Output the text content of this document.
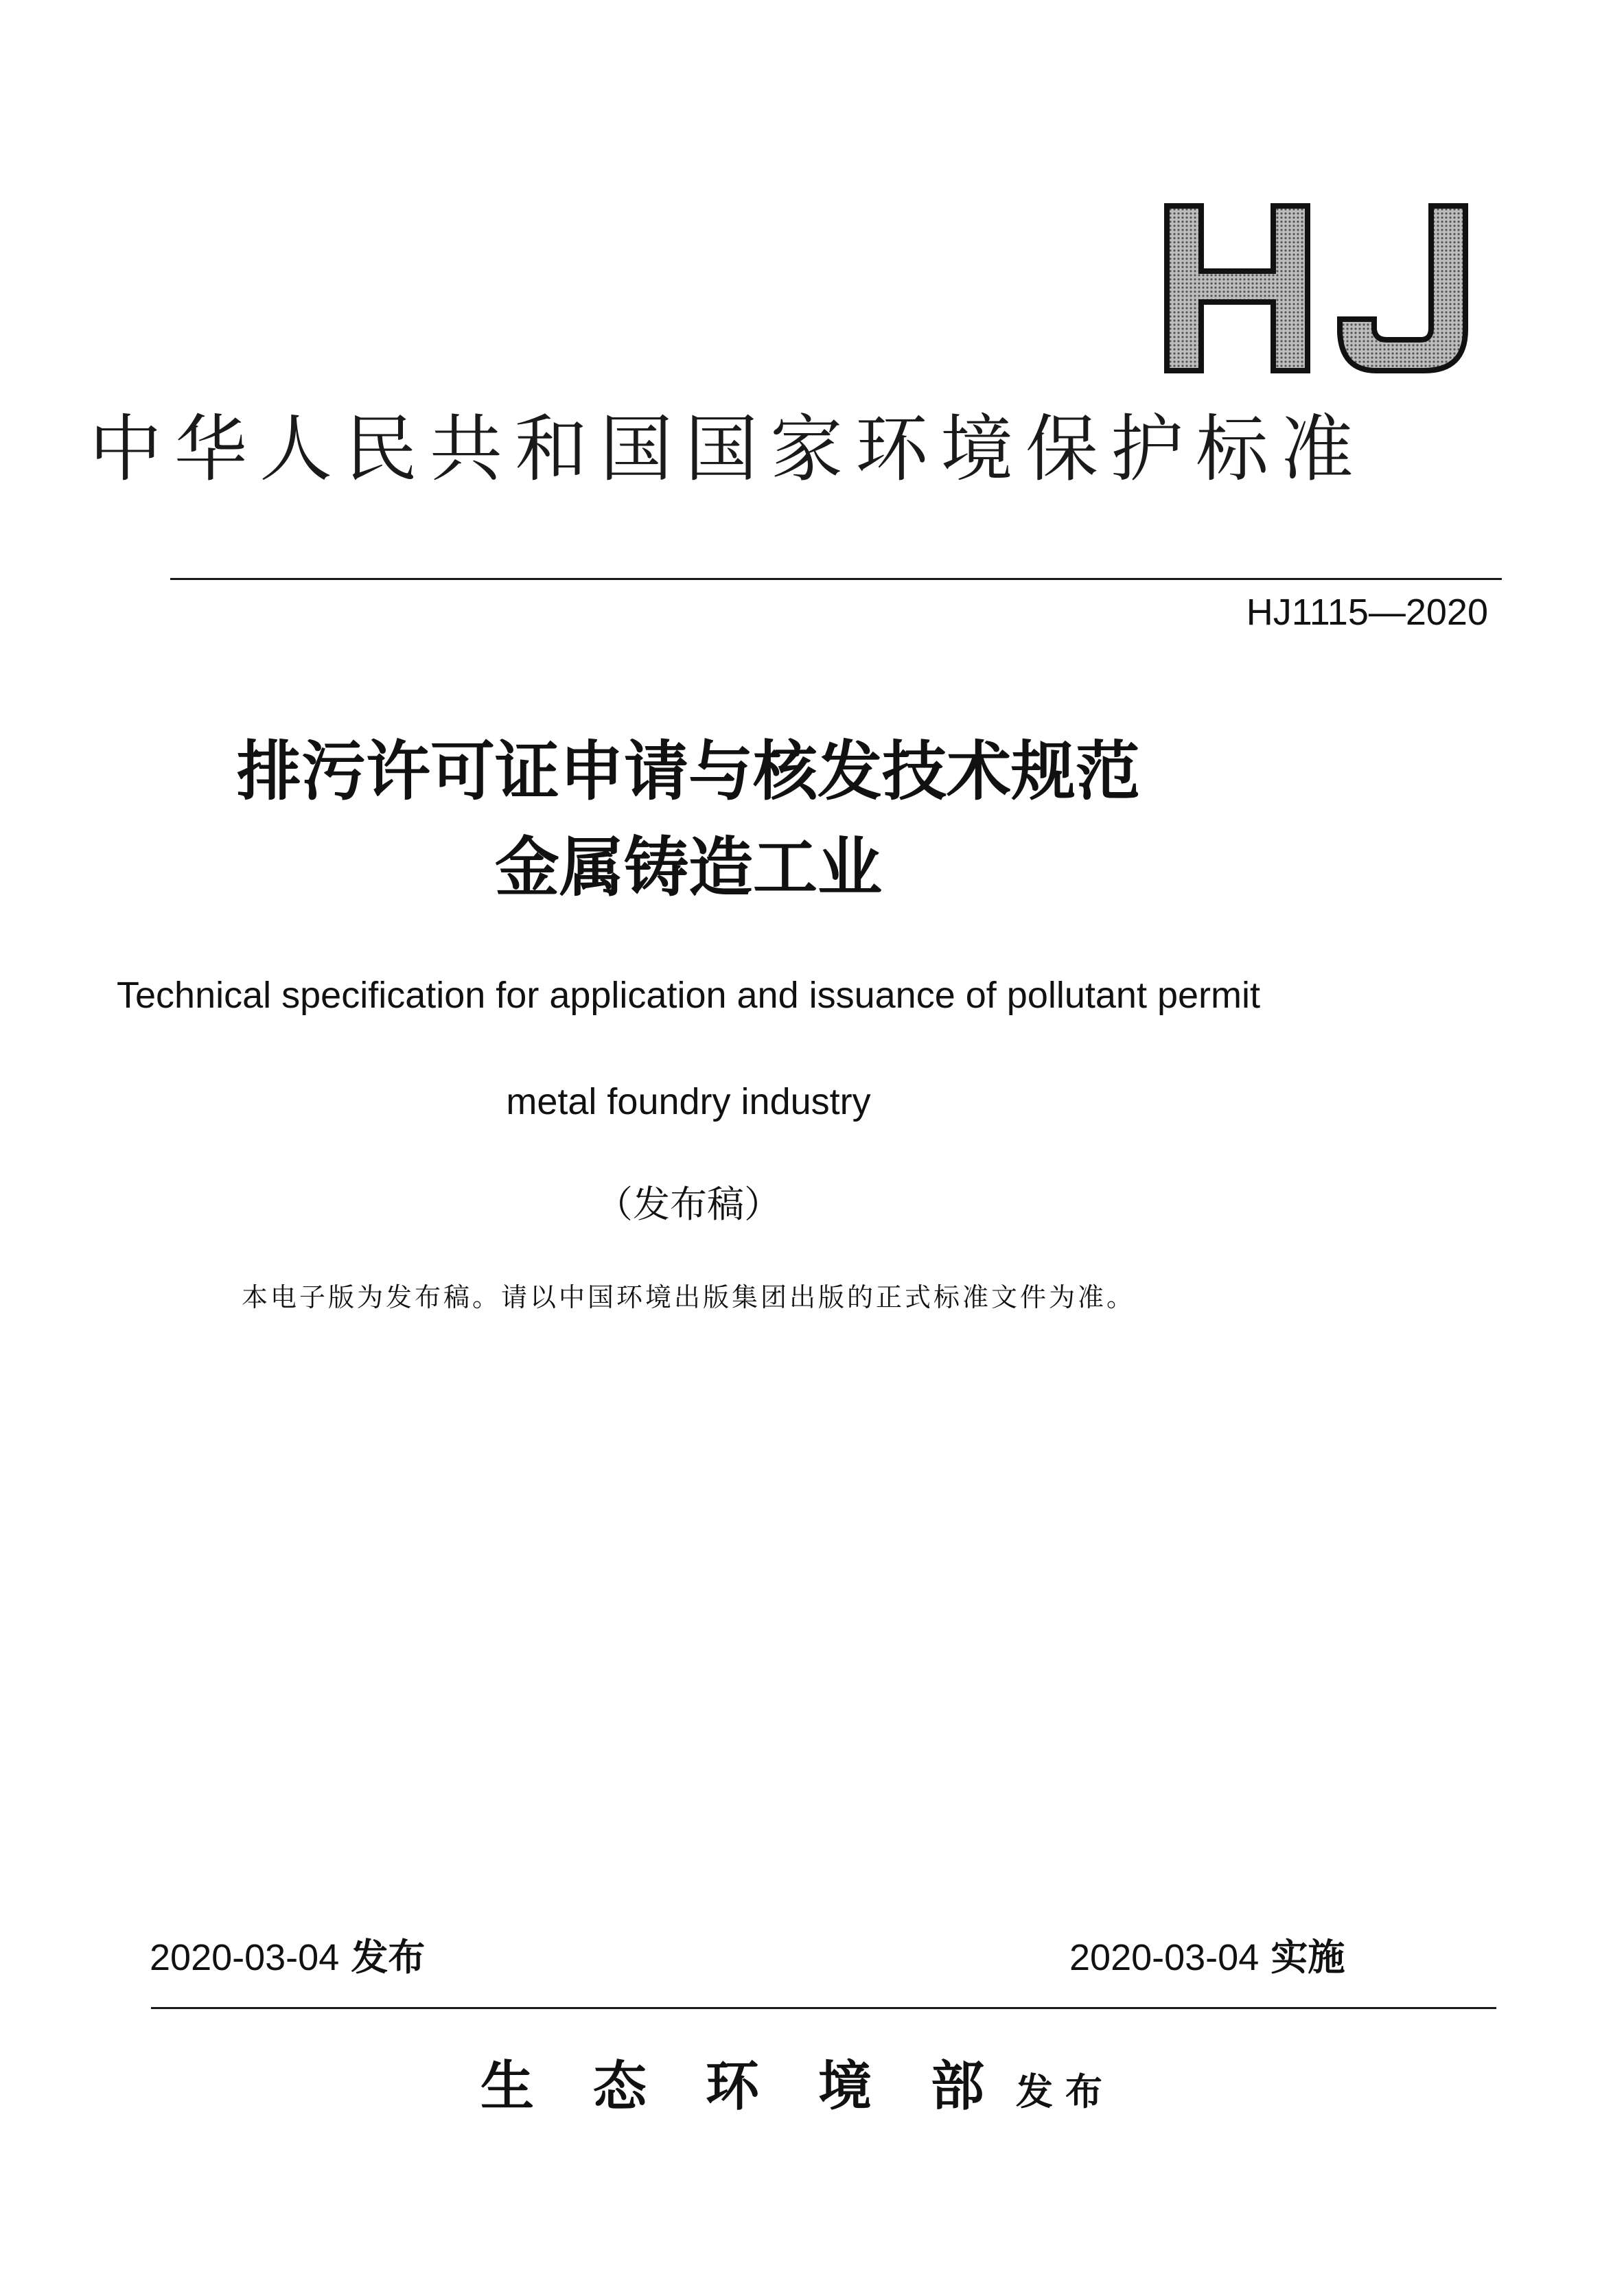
中华人民共和国国家环境保护标准
HJ1115—2020
排污许可证申请与核发技术规范
金属铸造工业
Technical specification for application and issuance of pollutant permit
metal foundry industry
（发布稿）
本电子版为发布稿。请以中国环境出版集团出版的正式标准文件为准。
2020-03-04 发布	2020-03-04 实施
生态环境部发布
